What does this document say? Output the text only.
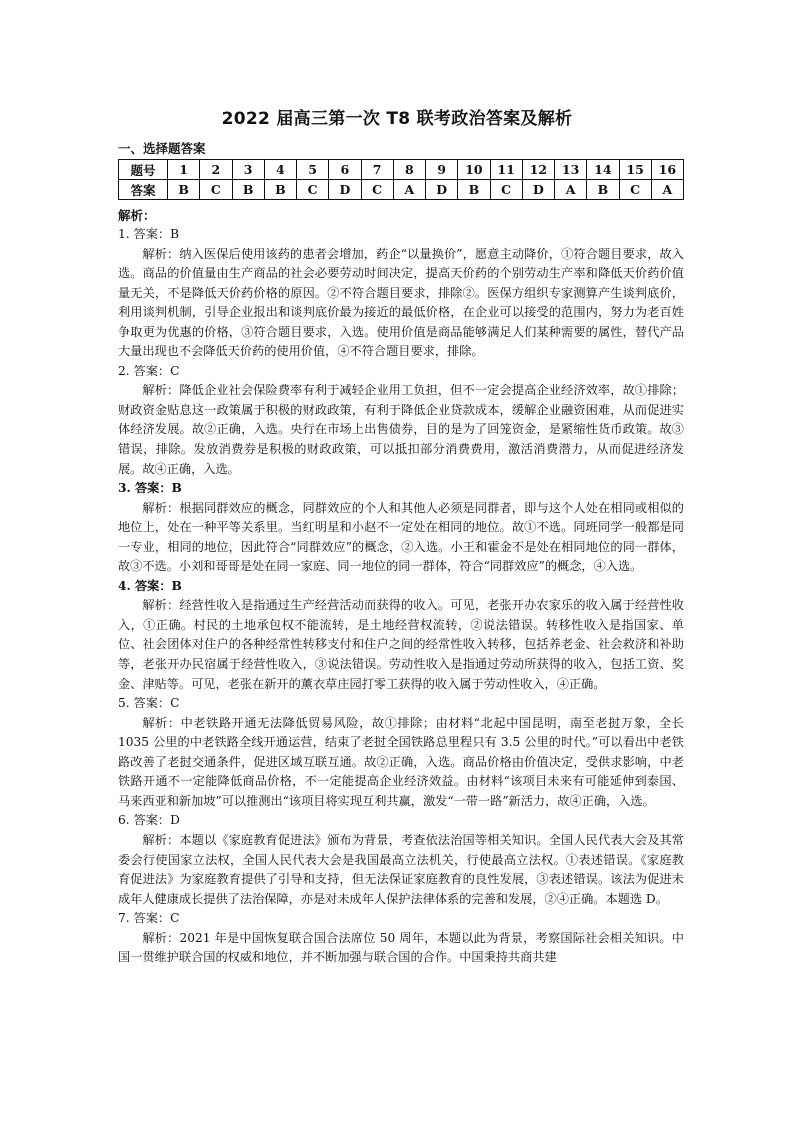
2022 届高三第一次 T8 联考政治答案及解析
一、选择题答案
题号	1	2	3	4	5	6	7	8	9	10	11	12	13	14	15	16
答案	B	C	B	B	C	D	C	A	D	B	C	D	A	B	C	A
解析：

1. 答案：B

解析：纳入医保后使用该药的患者会增加，药企“以量换价”，愿意主动降价，①符合题目要求，故入选。商品的价值量由生产商品的社会必要劳动时间决定，提高天价药的个别劳动生产率和降低天价药价值量无关，不是降低天价药价格的原因。②不符合题目要求，排除②。医保方组织专家测算产生谈判底价，利用谈判机制，引导企业报出和谈判底价最为接近的最低价格，在企业可以接受的范围内，努力为老百姓争取更为优惠的价格，③符合题目要求，入选。使用价值是商品能够满足人们某种需要的属性，替代产品大量出现也不会降低天价药的使用价值，④不符合题目要求，排除。

2. 答案：C

解析：降低企业社会保险费率有利于减轻企业用工负担，但不一定会提高企业经济效率，故①排除；财政资金贴息这一政策属于积极的财政政策，有利于降低企业贷款成本，缓解企业融资困难，从而促进实体经济发展。故②正确，入选。央行在市场上出售债券，目的是为了回笼资金，是紧缩性货币政策。故③错误，排除。发放消费券是积极的财政政策，可以抵扣部分消费费用，激活消费潜力，从而促进经济发展。故④正确，入选。

3. 答案：B

解析：根据同群效应的概念，同群效应的个人和其他人必须是同群者，即与这个人处在相同或相似的地位上，处在一种平等关系里。当红明星和小赵不一定处在相同的地位。故①不选。同班同学一般都是同一专业，相同的地位，因此符合“同群效应”的概念，②入选。小王和霍金不是处在相同地位的同一群体，故③不选。小刘和哥哥是处在同一家庭、同一地位的同一群体，符合“同群效应”的概念，④入选。

4. 答案：B

解析：经营性收入是指通过生产经营活动而获得的收入。可见，老张开办农家乐的收入属于经营性收入，①正确。村民的土地承包权不能流转，是土地经营权流转，②说法错误。转移性收入是指国家、单位、社会团体对住户的各种经常性转移支付和住户之间的经常性收入转移，包括养老金、社会救济和补助等，老张开办民宿属于经营性收入，③说法错误。劳动性收入是指通过劳动所获得的收入，包括工资、奖金、津贴等。可见，老张在新开的薰衣草庄园打零工获得的收入属于劳动性收入，④正确。

5. 答案：C

解析：中老铁路开通无法降低贸易风险，故①排除；由材料“北起中国昆明，南至老挝万象，全长 1035 公里的中老铁路全线开通运营，结束了老挝全国铁路总里程只有 3.5 公里的时代。”可以看出中老铁路改善了老挝交通条件，促进区域互联互通。故②正确，入选。商品价格由价值决定，受供求影响，中老铁路开通不一定能降低商品价格，不一定能提高企业经济效益。由材料“该项目未来有可能延伸到泰国、马来西亚和新加坡”可以推测出“该项目将实现互利共赢，激发“一带一路”新活力，故④正确，入选。

6. 答案：D

解析：本题以《家庭教育促进法》颁布为背景，考查依法治国等相关知识。全国人民代表大会及其常委会行使国家立法权，全国人民代表大会是我国最高立法机关，行使最高立法权。①表述错误。《家庭教育促进法》为家庭教育提供了引导和支持，但无法保证家庭教育的良性发展，③表述错误。该法为促进未成年人健康成长提供了法治保障，亦是对未成年人保护法律体系的完善和发展，②④正确。本题选 D。

7. 答案：C

解析：2021 年是中国恢复联合国合法席位 50 周年，本题以此为背景，考察国际社会相关知识。中国一贯维护联合国的权威和地位，并不断加强与联合国的合作。中国秉持共商共建
